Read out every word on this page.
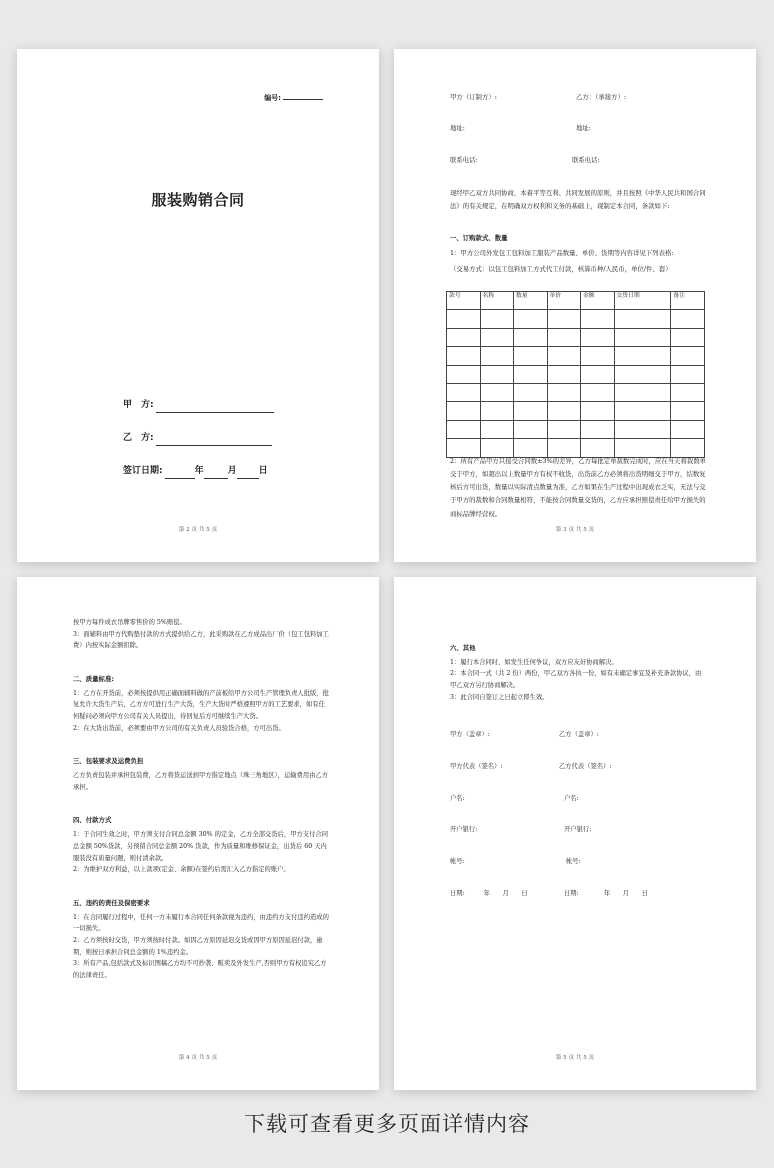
编号:
服装购销合同
甲　方:
乙　方:
签订日期:	年	月 日
第 2 页 共 5 页
甲方（订制方）:	乙方：（承接方）:
地址:	地址:
联系电话:	联系电话:
现经甲乙双方共同协商，本着平等互利、共同发展的原则，并且按照《中华人民共和国合同法》的有关规定，在明确双方权利和义务的基础上，现制定本合同，条款如下:
一、订购款式、数量
1：甲方公司外发包工包料加工服装产品数量、单价、货期等内容详见下列表格:
（交易方式：以包工包料加工方式代工付款，核算币种/人民币，单位/件、套）
款号	名称	数量	单价	金额	交货日期	备注

2：所有产品甲方只接受合同数±3%的差异，乙方每批定单裁数完成时，应在当天将裁数单交于甲方，如超出以上数量甲方有权不收货，出货前乙方必须将出货明细交于甲方，结数复核后方可出货，数量以实际清点数量为准，乙方如果在生产过程中出现成衣乏实，无法与交于甲方的裁数和合同数量相符，不能按合同数量交货的，乙方应承担赔偿责任给甲方损失的商标品牌经营权。
第 3 页 共 5 页
按甲方每件成衣吊牌零售价的 5%赔偿。
3：面辅料由甲方代购垫付款的方式提供给乙方，此采购款在乙方成品出厂价（包工包料加工费）内按实际金额扣除。
二、质量标准:
1：乙方在开货前，必须按提供用正确面辅料做的产前板给甲方公司生产管理负责人批版，批复允许大货生产后，乙方方可进行生产大货，生产大货时严格遵照甲方的工艺要求，如有任何疑问必须向甲方公司有关人员提出，待回复后方可继续生产大货。
2：在大货出货前，必须要由甲方公司的有关负责人员验货合格，方可出货。
三、包装要求及运费负担
乙方负责包装并承担包装费，乙方将货运送到甲方指定地点（珠三角地区），运输费用由乙方承担。
四、付款方式
1：于合同生效之时，甲方须支付合同总金额 30% 的定金，乙方全部交货后，甲方支付合同总金额 50%货款，另预留合同总金额 20% 货款，作为质量和维修保证金，出货后 60 天内服装没有质量问题，则付清余款。
2：为维护双方利益，以上款项(定金、余额)在签约后需汇入乙方指定的账户。
五、违约的责任及保密要求
1：在合同履行过程中，任何一方未履行本合同任何条款视为违约，由违约方支付违约造成的一切损失。
2：乙方须按时交货，甲方须按时付款。如因乙方原因延迟交货或因甲方原因延迟付款，逾期，则按日承担合同总金额的 1%违约金。
3：所有产品,包括款式及标识图稿乙方均不可抄袭、贩卖及外发生产,否则甲方有权追究乙方的法律责任。
第 4 页 共 5 页
六、其他
1：履行本合同时，如发生任何争议，双方应友好协商解决。
2：本合同一式（共 2 份）两份，甲乙双方各执一份，如有未确定事宜及补充条款协议，由甲乙双方另行协商解决。
3：此合同自签订之日起立即生效。
甲方（盖章）:	乙方（盖章）:
甲方代表（签名）:	乙方代表（签名）:
户名:	户名:
开户银行:	开户银行:
帐号:	帐号:
日期:　　　年　　月　　日	日期:　　　　年　　月　　日
第 5 页 共 5 页
下载可查看更多页面详情内容
